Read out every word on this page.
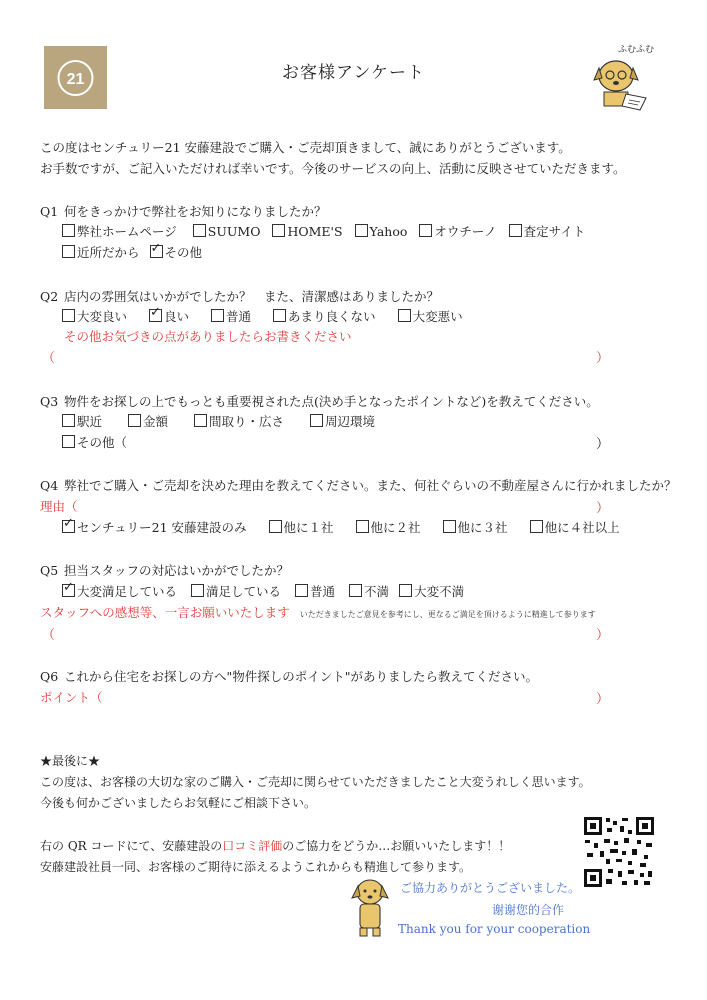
21	お客様アンケート
ふむふむ
この度はセンチュリー21 安藤建設でご購入・ご売却頂きまして、誠にありがとうございます。
お手数ですが、ご記入いただければ幸いです。今後のサービスの向上、活動に反映させていただきます。
Q1 何をきっかけで弊社をお知りになりましたか？
弊社ホームページ SUUMO HOME'S Yahoo オウチーノ 査定サイト
近所だから ✓ その他
Q2 店内の雰囲気はいかがでしたか？　また、清潔感はありましたか？
大変良い ✓	良い	普通	あまり良くない	大変悪い
その他お気づきの点がありましたらお書きください
（	）
Q3 物件をお探しの上でもっとも重要視された点(決め手となったポイントなど)を教えてください。
駅近	金額	間取り・広さ	周辺環境
その他（	）
Q4 弊社でご購入・ご売却を決めた理由を教えてください。また、何社ぐらいの不動産屋さんに行かれましたか？
理由（	）
✓センチュリー21 安藤建設のみ	他に１社	他に２社	他に３社	他に４社以上
Q5 担当スタッフの対応はいかがでしたか？
✓大変満足している 満足している 普通 不満 大変不満
スタッフへの感想等、一言お願いいたします いただきましたご意見を参考にし、更なるご満足を頂けるように精進して参ります
（	）
Q6 これから住宅をお探しの方へ"物件探しのポイント"がありましたら教えてください。
ポイント（	）
★最後に★
この度は、お客様の大切な家のご購入・ご売却に関らせていただきましたこと大変うれしく思います。
今後も何かございましたらお気軽にご相談下さい。
右の QR コードにて、安藤建設の口コミ評価のご協力をどうか…お願いいたします！！
安藤建設社員一同、お客様のご期待に添えるようこれからも精進して参ります。
ご協力ありがとうございました。
谢谢您的合作
Thank you for your cooperation
